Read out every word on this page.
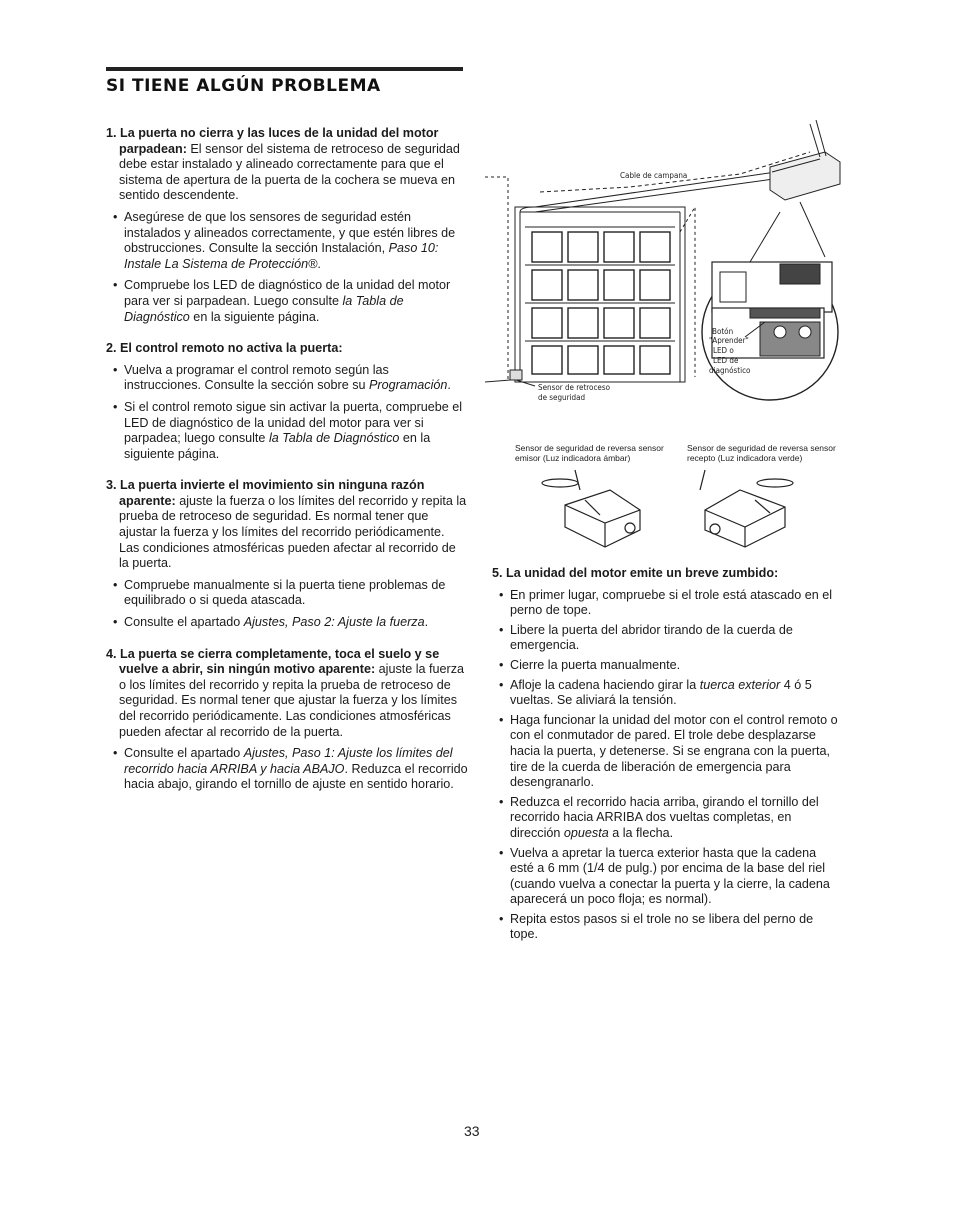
SI TIENE ALGÚN PROBLEMA

1. La puerta no cierra y las luces de la unidad del motor parpadean: El sensor del sistema de retroceso de seguridad debe estar instalado y alineado correctamente para que el sistema de apertura de la puerta de la cochera se mueva en sentido descendente.

• Asegúrese de que los sensores de seguridad estén instalados y alineados correctamente, y que estén libres de obstrucciones. Consulte la sección Instalación, Paso 10: Instale La Sistema de Protección®.
• Compruebe los LED de diagnóstico de la unidad del motor para ver si parpadean. Luego consulte la Tabla de Diagnóstico en la siguiente página.

2. El control remoto no activa la puerta:

• Vuelva a programar el control remoto según las instrucciones. Consulte la sección sobre su Programación.
• Si el control remoto sigue sin activar la puerta, compruebe el LED de diagnóstico de la unidad del motor para ver si parpadea; luego consulte la Tabla de Diagnóstico en la siguiente página.

3. La puerta invierte el movimiento sin ninguna razón aparente: ajuste la fuerza o los límites del recorrido y repita la prueba de retroceso de seguridad. Es normal tener que ajustar la fuerza y los límites del recorrido periódicamente. Las condiciones atmosféricas pueden afectar al recorrido de la puerta.

• Compruebe manualmente si la puerta tiene problemas de equilibrado o si queda atascada.
• Consulte el apartado Ajustes, Paso 2: Ajuste la fuerza.

4. La puerta se cierra completamente, toca el suelo y se vuelve a abrir, sin ningún motivo aparente: ajuste la fuerza o los límites del recorrido y repita la prueba de retroceso de seguridad. Es normal tener que ajustar la fuerza y los límites del recorrido periódicamente. Las condiciones atmosféricas pueden afectar al recorrido de la puerta.

• Consulte el apartado Ajustes, Paso 1: Ajuste los límites del recorrido hacia ARRIBA y hacia ABAJO. Reduzca el recorrido hacia abajo, girando el tornillo de ajuste en sentido horario.
Cable de campana
Sensor de retroceso
de seguridad
Botón
"Aprender"
LED o
LED de
diagnóstico
Sensor de seguridad de reversa sensor
emisor (Luz indicadora ámbar)
Sensor de seguridad de reversa sensor
recepto (Luz indicadora verde)

5. La unidad del motor emite un breve zumbido:

• En primer lugar, compruebe si el trole está atascado en el perno de tope.
• Libere la puerta del abridor tirando de la cuerda de emergencia.
• Cierre la puerta manualmente.
• Afloje la cadena haciendo girar la tuerca exterior 4 ó 5 vueltas. Se aliviará la tensión.
• Haga funcionar la unidad del motor con el control remoto o con el conmutador de pared. El trole debe desplazarse hacia la puerta, y detenerse. Si se engrana con la puerta, tire de la cuerda de liberación de emergencia para desengranarlo.
• Reduzca el recorrido hacia arriba, girando el tornillo del recorrido hacia ARRIBA dos vueltas completas, en dirección opuesta a la flecha.
• Vuelva a apretar la tuerca exterior hasta que la cadena esté a 6 mm (1/4 de pulg.) por encima de la base del riel (cuando vuelva a conectar la puerta y la cierre, la cadena aparecerá un poco floja; es normal).
• Repita estos pasos si el trole no se libera del perno de tope.
33
